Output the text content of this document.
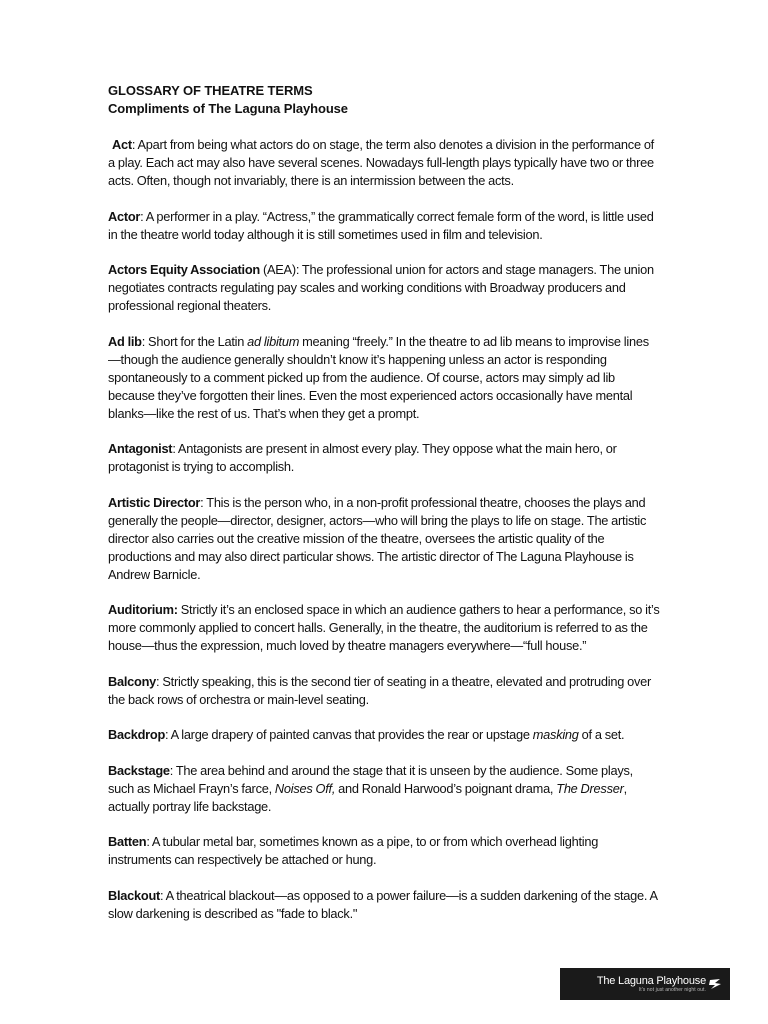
GLOSSARY OF THEATRE TERMS

Compliments of The Laguna Playhouse

Act: Apart from being what actors do on stage, the term also denotes a division in the performance of a play. Each act may also have several scenes. Nowadays full-length plays typically have two or three acts. Often, though not invariably, there is an intermission between the acts.

Actor: A performer in a play. “Actress,” the grammatically correct female form of the word, is little used in the theatre world today although it is still sometimes used in film and television.

Actors Equity Association (AEA): The professional union for actors and stage managers. The union negotiates contracts regulating pay scales and working conditions with Broadway producers and professional regional theaters.

Ad lib: Short for the Latin ad libitum meaning “freely.” In the theatre to ad lib means to improvise lines—though the audience generally shouldn’t know it’s happening unless an actor is responding spontaneously to a comment picked up from the audience. Of course, actors may simply ad lib because they’ve forgotten their lines. Even the most experienced actors occasionally have mental blanks—like the rest of us. That’s when they get a prompt.

Antagonist: Antagonists are present in almost every play. They oppose what the main hero, or protagonist is trying to accomplish.

Artistic Director: This is the person who, in a non-profit professional theatre, chooses the plays and generally the people—director, designer, actors—who will bring the plays to life on stage. The artistic director also carries out the creative mission of the theatre, oversees the artistic quality of the productions and may also direct particular shows. The artistic director of The Laguna Playhouse is Andrew Barnicle.

Auditorium: Strictly it’s an enclosed space in which an audience gathers to hear a performance, so it’s more commonly applied to concert halls. Generally, in the theatre, the auditorium is referred to as the house—thus the expression, much loved by theatre managers everywhere—“full house.”

Balcony: Strictly speaking, this is the second tier of seating in a theatre, elevated and protruding over the back rows of orchestra or main-level seating.

Backdrop: A large drapery of painted canvas that provides the rear or upstage masking of a set.

Backstage: The area behind and around the stage that it is unseen by the audience. Some plays, such as Michael Frayn’s farce, Noises Off, and Ronald Harwood’s poignant drama, The Dresser, actually portray life backstage.

Batten: A tubular metal bar, sometimes known as a pipe, to or from which overhead lighting instruments can respectively be attached or hung.

Blackout: A theatrical blackout—as opposed to a power failure—is a sudden darkening of the stage. A slow darkening is described as "fade to black."

The Laguna Playhouse
It's not just another night out.
